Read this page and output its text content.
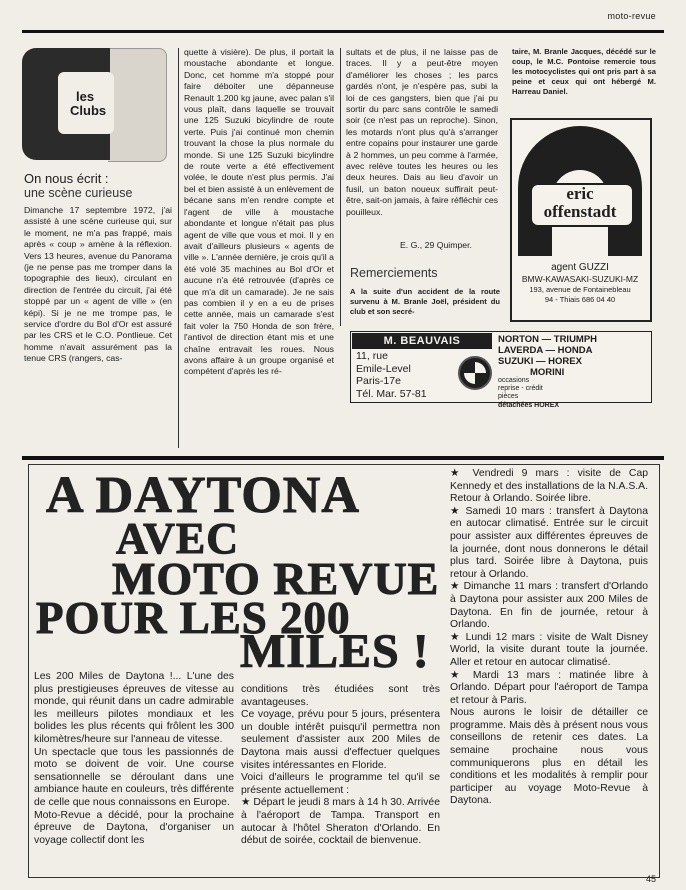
moto-revue
les
Clubs
On nous écrit :
une scène curieuse

Dimanche 17 septembre 1972, j'ai assisté à une scène curieuse qui, sur le moment, ne m'a pas frappé, mais après « coup » amène à la réflexion. Vers 13 heures, avenue du Panorama (je ne pense pas me tromper dans la topographie des lieux), circulant en direction de l'entrée du circuit, j'ai été stoppé par un « agent de ville » (en képi). Si je ne me trompe pas, le service d'ordre du Bol d'Or est assuré par les CRS et le C.O. Pontlieue. Cet homme n'avait assurément pas la tenue CRS (rangers, cas-

quette à visière). De plus, il portait la moustache abondante et longue. Donc, cet homme m'a stoppé pour faire déboiter une dépanneuse Renault 1.200 kg jaune, avec palan s'il vous plaît, dans laquelle se trouvait une 125 Suzuki bicylindre de route verte. Puis j'ai continué mon chemin trouvant la chose la plus normale du monde. Si une 125 Suzuki bicylindre de route verte a été effectivement volée, le doute n'est plus permis. J'ai bel et bien assisté à un enlèvement de bécane sans m'en rendre compte et l'agent de ville à moustache abondante et longue n'était pas plus agent de ville que vous et moi. Il y en avait d'ailleurs plusieurs « agents de ville ». L'année dernière, je crois qu'il a été volé 35 machines au Bol d'Or et aucune n'a été retrouvée (d'après ce que m'a dit un camarade). Je ne sais pas combien il y en a eu de prises cette année, mais un camarade s'est fait voler la 750 Honda de son frère, l'antivol de direction étant mis et une chaîne entravait les roues. Nous avons affaire à un groupe organisé et compétent d'après les ré-

sultats et de plus, il ne laisse pas de traces. Il y a peut-être moyen d'améliorer les choses ; les parcs gardés n'ont, je n'espère pas, subi la loi de ces gangsters, bien que j'ai pu sortir du parc sans contrôle le samedi soir (ce n'est pas un reproche). Sinon, les motards n'ont plus qu'à s'arranger entre copains pour instaurer une garde à 2 hommes, un peu comme à l'armée, avec relève toutes les heures ou les deux heures. Dais au lieu d'avoir un fusil, un baton noueux suffirait peut-être, sait-on jamais, à faire réfléchir ces pouilleux.

E. G., 29 Quimper.
Remerciements

A la suite d'un accident de la route survenu à M. Branle Joël, président du club et son secré-

taire, M. Branle Jacques, décédé sur le coup, le M.C. Pontoise remercie tous les motocyclistes qui ont pris part à sa peine et ceux qui ont hébergé M. Harreau Daniel.

eric
offenstadt
agent GUZZI
BMW-KAWASAKI-SUZUKI-MZ
193, avenue de Fontainebleau
94 - Thiais 686 04 40
M. BEAUVAIS
11, rue
Emile-Level
Paris-17e
Tél. Mar. 57-81
NORTON — TRIUMPH
LAVERDA — HONDA
SUZUKI — HOREX
MORINI
occasions
reprise - crédit
pièces
détachées HOREX
A DAYTONA
AVEC
MOTO REVUE
POUR LES 200
MILES !

Les 200 Miles de Daytona !... L'une des plus prestigieuses épreuves de vitesse au monde, qui réunit dans un cadre admirable les meilleurs pilotes mondiaux et les bolides les plus récents qui frôlent les 300 kilomètres/heure sur l'anneau de vitesse.

Un spectacle que tous les passionnés de moto se doivent de voir. Une course sensationnelle se déroulant dans une ambiance haute en couleurs, très différente de celle que nous connaissons en Europe.

Moto-Revue a décidé, pour la prochaine épreuve de Daytona, d'organiser un voyage collectif dont les

conditions très étudiées sont très avantageuses.

Ce voyage, prévu pour 5 jours, présentera un double intérêt puisqu'il permettra non seulement d'assister aux 200 Miles de Daytona mais aussi d'effectuer quelques visites intéressantes en Floride.

Voici d'ailleurs le programme tel qu'il se présente actuellement :

★ Départ le jeudi 8 mars à 14 h 30. Arrivée à l'aéroport de Tampa. Transport en autocar à l'hôtel Sheraton d'Orlando. En début de soirée, cocktail de bienvenue.

★ Vendredi 9 mars : visite de Cap Kennedy et des installations de la N.A.S.A. Retour à Orlando. Soirée libre.

★ Samedi 10 mars : transfert à Daytona en autocar climatisé. Entrée sur le circuit pour assister aux différentes épreuves de la journée, dont nous donnerons le détail plus tard. Soirée libre à Daytona, puis retour à Orlando.

★ Dimanche 11 mars : transfert d'Orlando à Daytona pour assister aux 200 Miles de Daytona. En fin de journée, retour à Orlando.

★ Lundi 12 mars : visite de Walt Disney World, la visite durant toute la journée. Aller et retour en autocar climatisé.

★ Mardi 13 mars : matinée libre à Orlando. Départ pour l'aéroport de Tampa et retour à Paris.

Nous aurons le loisir de détailler ce programme. Mais dès à présent nous vous conseillons de retenir ces dates. La semaine prochaine nous vous communiquerons plus en détail les conditions et les modalités à remplir pour participer au voyage Moto-Revue à Daytona.

45
